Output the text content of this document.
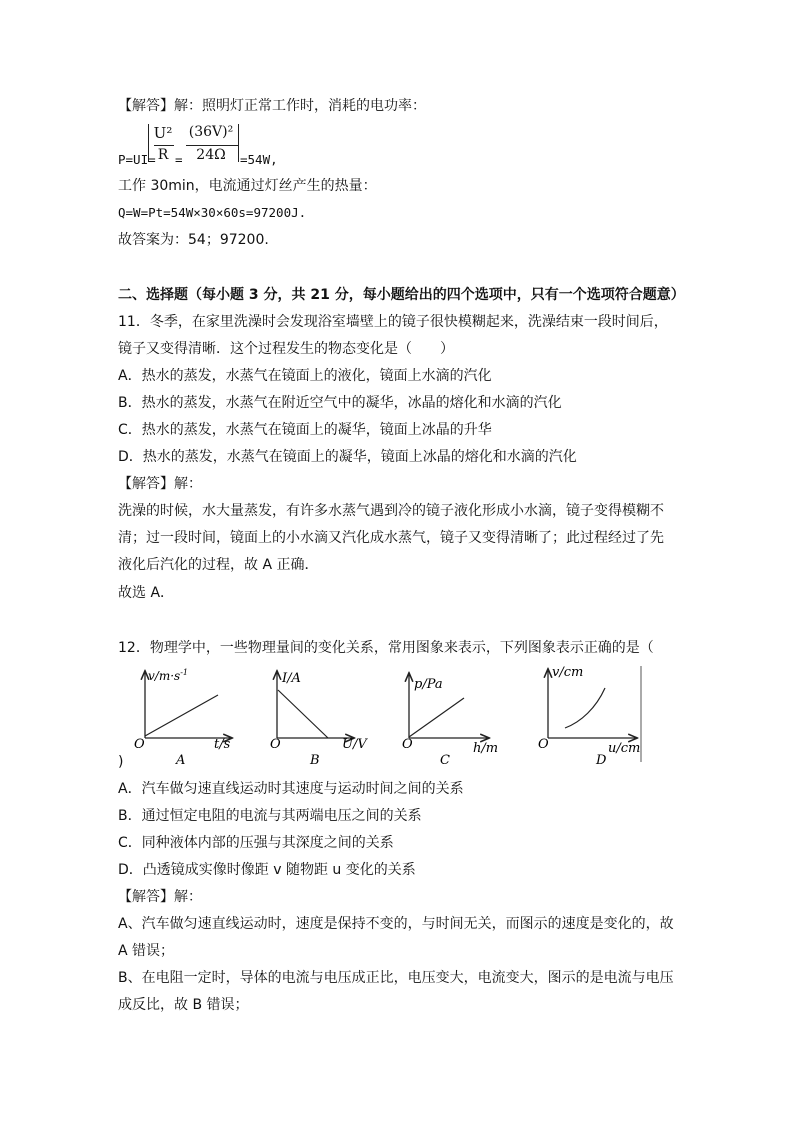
【解答】解：照明灯正常工作时，消耗的电功率：
P=UI=
U²
R =
(36V)²
24Ω	=54W,
工作 30min，电流通过灯丝产生的热量：
Q=W=Pt=54W×30×60s=97200J.
故答案为：54；97200.
二、选择题（每小题 3 分，共 21 分，每小题给出的四个选项中，只有一个选项符合题意）
11．冬季，在家里洗澡时会发现浴室墙壁上的镜子很快模糊起来，洗澡结束一段时间后，
镜子又变得清晰．这个过程发生的物态变化是（　　）
A．热水的蒸发，水蒸气在镜面上的液化，镜面上水滴的汽化
B．热水的蒸发，水蒸气在附近空气中的凝华，冰晶的熔化和水滴的汽化
C．热水的蒸发，水蒸气在镜面上的凝华，镜面上冰晶的升华
D．热水的蒸发，水蒸气在镜面上的凝华，镜面上冰晶的熔化和水滴的汽化
【解答】解：
洗澡的时候，水大量蒸发，有许多水蒸气遇到冷的镜子液化形成小水滴，镜子变得模糊不
清；过一段时间，镜面上的小水滴又汽化成水蒸气，镜子又变得清晰了；此过程经过了先
液化后汽化的过程，故 A 正确．
故选 A．
12．物理学中，一些物理量间的变化关系，常用图象来表示，下列图象表示正确的是（
$v/m\cdot s^{-1}$
O	t/s
A
I/A
O	U/V
B
p/Pa
O	h/m
C
v/cm
O	u/cm
D
)
A．汽车做匀速直线运动时其速度与运动时间之间的关系
B．通过恒定电阻的电流与其两端电压之间的关系
C．同种液体内部的压强与其深度之间的关系
D．凸透镜成实像时像距 v 随物距 u 变化的关系
【解答】解：
A、汽车做匀速直线运动时，速度是保持不变的，与时间无关，而图示的速度是变化的，故
A 错误；
B、在电阻一定时，导体的电流与电压成正比，电压变大，电流变大，图示的是电流与电压
成反比，故 B 错误；
